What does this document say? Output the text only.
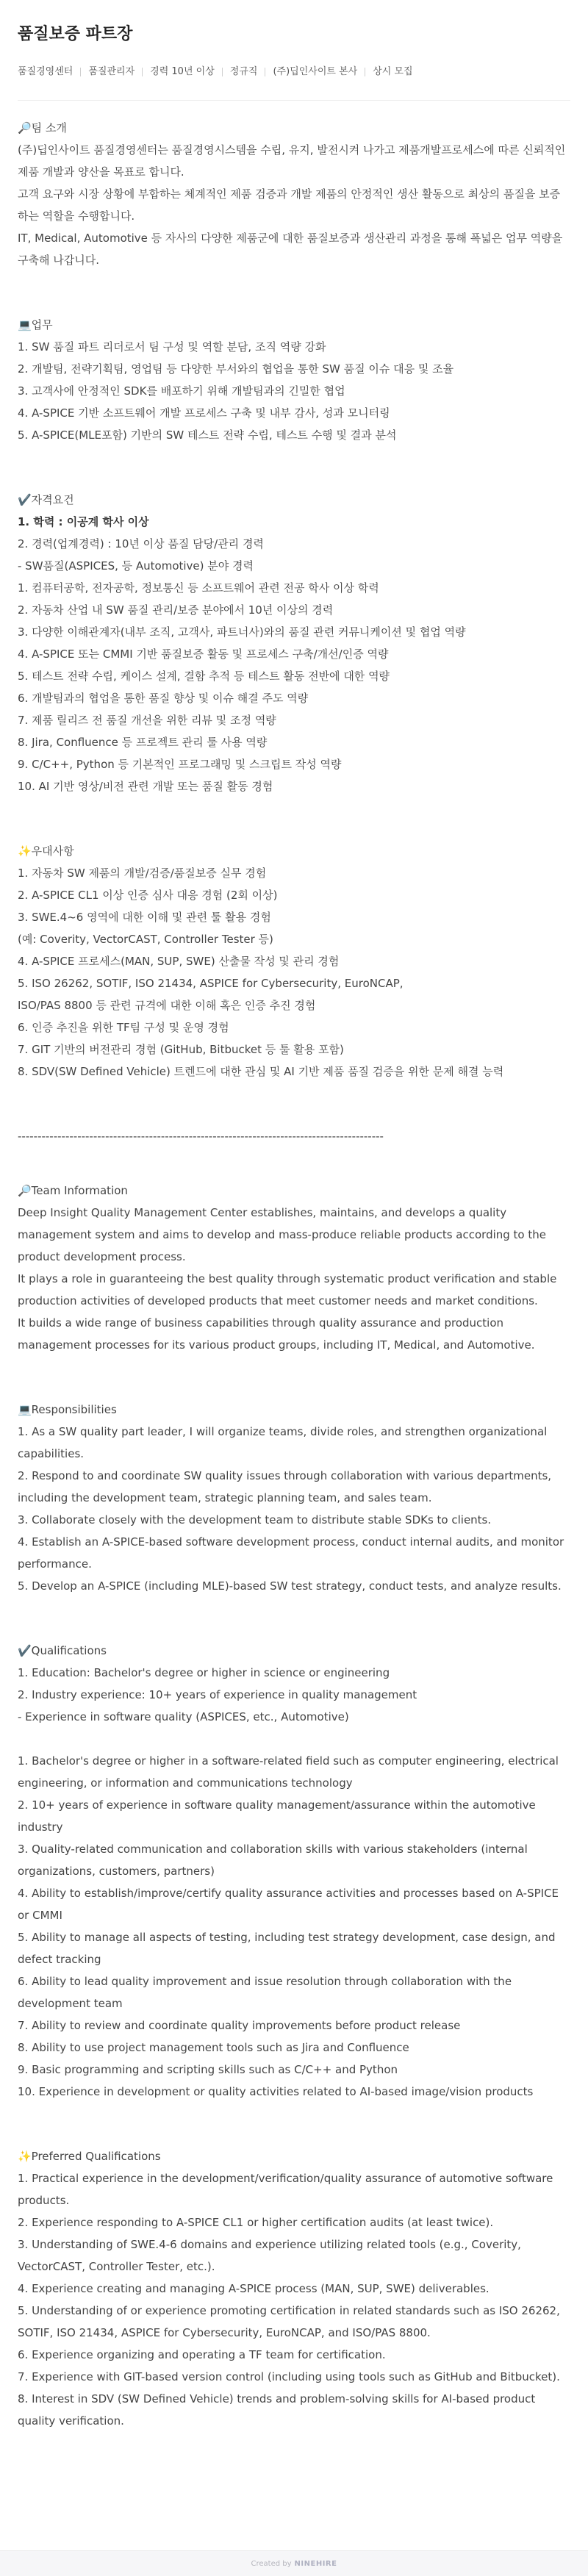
품질보증 파트장
품질경영센터 품질관리자 경력 10년 이상 정규직 (주)딥인사이트 본사 상시 모집
🔎팀 소개
(주)딥인사이트 품질경영센터는 품질경영시스템을 수립, 유지, 발전시켜 나가고 제품개발프로세스에 따른 신뢰적인 제품 개발과 양산을 목표로 합니다.
고객 요구와 시장 상황에 부합하는 체계적인 제품 검증과 개발 제품의 안정적인 생산 활동으로 최상의 품질을 보증하는 역할을 수행합니다.
IT, Medical, Automotive 등 자사의 다양한 제품군에 대한 품질보증과 생산관리 과정을 통해 폭넓은 업무 역량을 구축해 나갑니다.
💻업무
1. SW 품질 파트 리더로서 팀 구성 및 역할 분담, 조직 역량 강화
2. 개발팀, 전략기획팀, 영업팀 등 다양한 부서와의 협업을 통한 SW 품질 이슈 대응 및 조율
3. 고객사에 안정적인 SDK를 배포하기 위해 개발팀과의 긴밀한 협업
4. A-SPICE 기반 소프트웨어 개발 프로세스 구축 및 내부 감사, 성과 모니터링
5. A-SPICE(MLE포함) 기반의 SW 테스트 전략 수립, 테스트 수행 및 결과 분석
✔️자격요건
1. 학력 : 이공계 학사 이상
2. 경력(업계경력) : 10년 이상 품질 담당/관리 경력
- SW품질(ASPICES, 등 Automotive) 분야 경력
1. 컴퓨터공학, 전자공학, 정보통신 등 소프트웨어 관련 전공 학사 이상 학력
2. 자동차 산업 내 SW 품질 관리/보증 분야에서 10년 이상의 경력
3. 다양한 이해관계자(내부 조직, 고객사, 파트너사)와의 품질 관련 커뮤니케이션 및 협업 역량
4. A-SPICE 또는 CMMI 기반 품질보증 활동 및 프로세스 구축/개선/인증 역량
5. 테스트 전략 수립, 케이스 설계, 결함 추적 등 테스트 활동 전반에 대한 역량
6. 개발팀과의 협업을 통한 품질 향상 및 이슈 해결 주도 역량
7. 제품 릴리즈 전 품질 개선을 위한 리뷰 및 조정 역량
8. Jira, Confluence 등 프로젝트 관리 툴 사용 역량
9. C/C++, Python 등 기본적인 프로그래밍 및 스크립트 작성 역량
10. AI 기반 영상/비전 관련 개발 또는 품질 활동 경험
✨우대사항
1. 자동차 SW 제품의 개발/검증/품질보증 실무 경험
2. A-SPICE CL1 이상 인증 심사 대응 경험 (2회 이상)
3. SWE.4~6 영역에 대한 이해 및 관련 툴 활용 경험
(예: Coverity, VectorCAST, Controller Tester 등)
4. A-SPICE 프로세스(MAN, SUP, SWE) 산출물 작성 및 관리 경험
5. ISO 26262, SOTIF, ISO 21434, ASPICE for Cybersecurity, EuroNCAP,
ISO/PAS 8800 등 관련 규격에 대한 이해 혹은 인증 추진 경험
6. 인증 추진을 위한 TF팀 구성 및 운영 경험
7. GIT 기반의 버전관리 경험 (GitHub, Bitbucket 등 툴 활용 포함)
8. SDV(SW Defined Vehicle) 트렌드에 대한 관심 및 AI 기반 제품 품질 검증을 위한 문제 해결 능력
--------------------------------------------------------------------------------------------
🔎Team Information
Deep Insight Quality Management Center establishes, maintains, and develops a quality management system and aims to develop and mass-produce reliable products according to the product development process.
It plays a role in guaranteeing the best quality through systematic product verification and stable production activities of developed products that meet customer needs and market conditions.
It builds a wide range of business capabilities through quality assurance and production management processes for its various product groups, including IT, Medical, and Automotive.
💻Responsibilities
1. As a SW quality part leader, I will organize teams, divide roles, and strengthen organizational capabilities.
2. Respond to and coordinate SW quality issues through collaboration with various departments, including the development team, strategic planning team, and sales team.
3. Collaborate closely with the development team to distribute stable SDKs to clients.
4. Establish an A-SPICE-based software development process, conduct internal audits, and monitor performance.
5. Develop an A-SPICE (including MLE)-based SW test strategy, conduct tests, and analyze results.
✔️Qualifications
1. Education: Bachelor's degree or higher in science or engineering
2. Industry experience: 10+ years of experience in quality management
- Experience in software quality (ASPICES, etc., Automotive)
1. Bachelor's degree or higher in a software-related field such as computer engineering, electrical engineering, or information and communications technology
2. 10+ years of experience in software quality management/assurance within the automotive industry
3. Quality-related communication and collaboration skills with various stakeholders (internal organizations, customers, partners)
4. Ability to establish/improve/certify quality assurance activities and processes based on A-SPICE or CMMI
5. Ability to manage all aspects of testing, including test strategy development, case design, and defect tracking
6. Ability to lead quality improvement and issue resolution through collaboration with the development team
7. Ability to review and coordinate quality improvements before product release
8. Ability to use project management tools such as Jira and Confluence
9. Basic programming and scripting skills such as C/C++ and Python
10. Experience in development or quality activities related to AI-based image/vision products
✨Preferred Qualifications
1. Practical experience in the development/verification/quality assurance of automotive software products.
2. Experience responding to A-SPICE CL1 or higher certification audits (at least twice).
3. Understanding of SWE.4-6 domains and experience utilizing related tools (e.g., Coverity, VectorCAST, Controller Tester, etc.).
4. Experience creating and managing A-SPICE process (MAN, SUP, SWE) deliverables.
5. Understanding of or experience promoting certification in related standards such as ISO 26262, SOTIF, ISO 21434, ASPICE for Cybersecurity, EuroNCAP, and ISO/PAS 8800.
6. Experience organizing and operating a TF team for certification.
7. Experience with GIT-based version control (including using tools such as GitHub and Bitbucket).
8. Interest in SDV (SW Defined Vehicle) trends and problem-solving skills for AI-based product quality verification.
Created by NINEHIRE
